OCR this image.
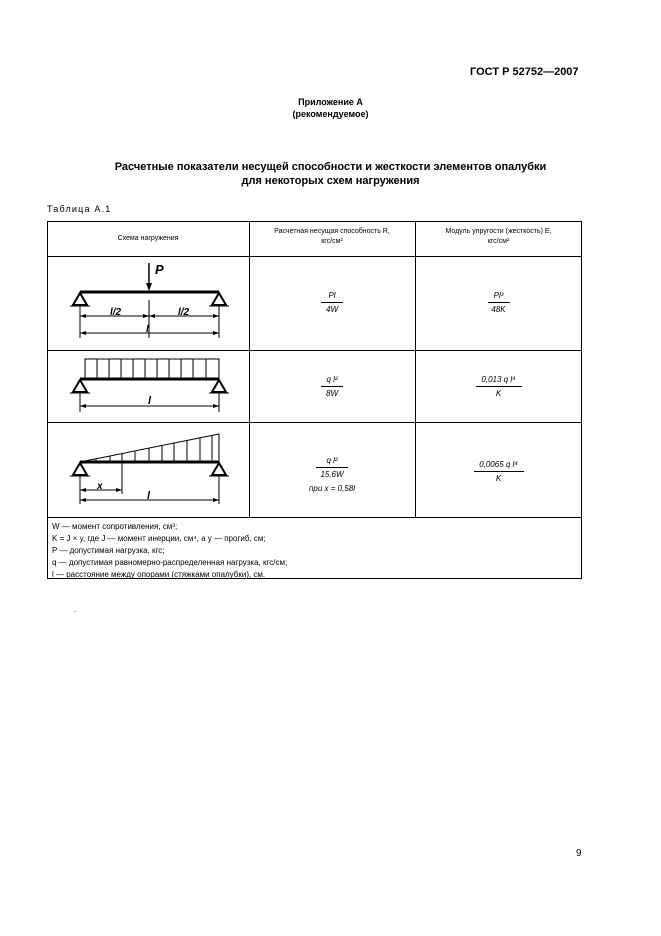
ГОСТ Р 52752—2007
Приложение А
(рекомендуемое)
Расчетные показатели несущей способности и жесткости элементов опалубки
для некоторых схем нагружения
Таблица А.1
Схема нагружения
Расчетная несущая способность R,
кгс/см²
Модуль упругости (жесткость) E,
кгс/см²
P
l/2	l/2
l
l
x
l
Pl
4W
Pl³
48K
q l²
8W
0,013 q l⁴
K
q l²
15,6W
при x = 0,58l
0,0065 q l⁴
K
W — момент сопротивления, см³;
K = J × y, где J — момент инерции, см⁴, а y — прогиб, см;
P — допустимая нагрузка, кгс;
q — допустимая равномерно-распределенная нагрузка, кгс/см;
l — расстояние между опорами (стяжками опалубки), см.
.
9
